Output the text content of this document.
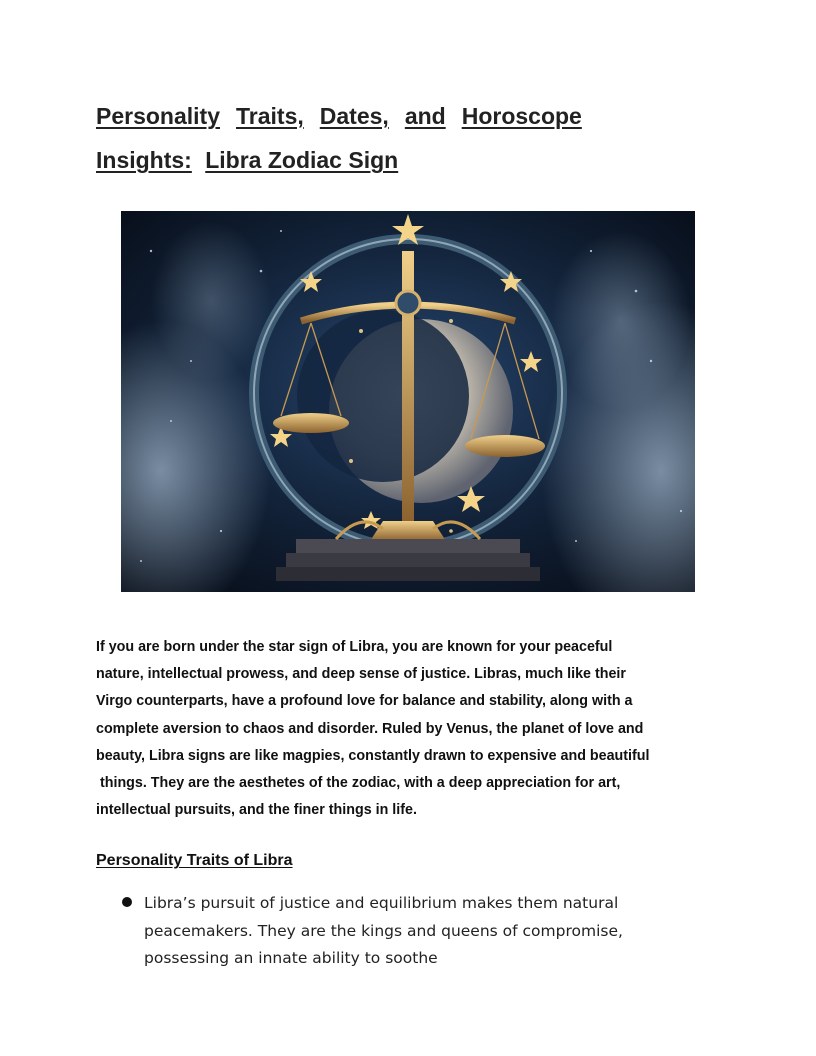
Personality Traits, Dates, and Horoscope
Insights: Libra Zodiac Sign
If you are born under the star sign of Libra, you are known for your peaceful
nature, intellectual prowess, and deep sense of justice. Libras, much like their
Virgo counterparts, have a profound love for balance and stability, along with a
complete aversion to chaos and disorder. Ruled by Venus, the planet of love and
beauty, Libra signs are like magpies, constantly drawn to expensive and beautiful
things. They are the aesthetes of the zodiac, with a deep appreciation for art,
intellectual pursuits, and the finer things in life.
Personality Traits of Libra
Libra’s pursuit of justice and equilibrium makes them natural peacemakers. They are the kings and queens of compromise, possessing an innate ability to soothe
